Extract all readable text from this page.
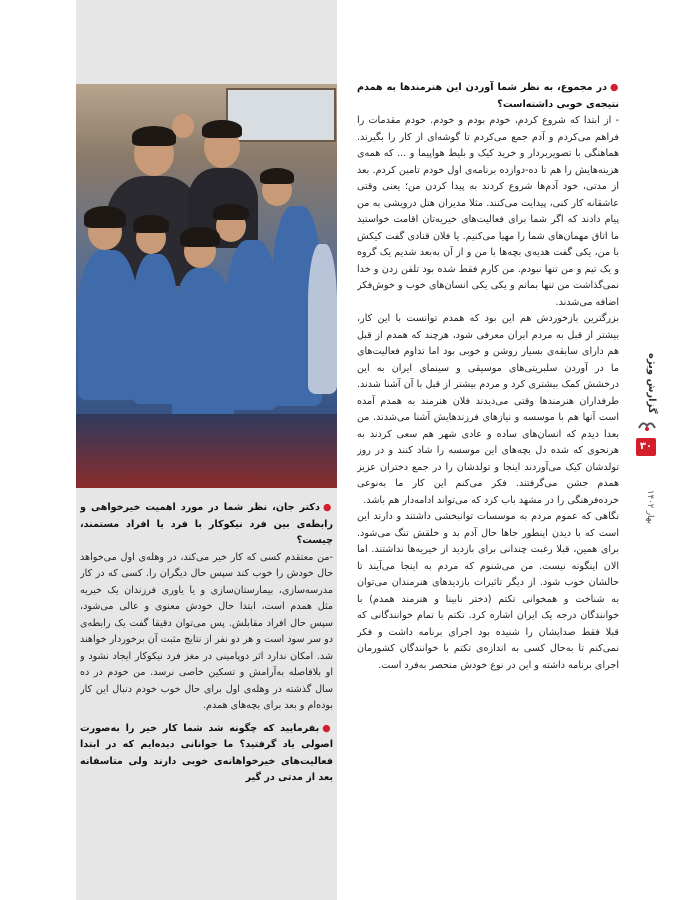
●در مجموع، به نظر شما آوردن این هنرمندها به همدم نتیجه‌ی خوبی داشته‌است؟

- از ابتدا که شروع کردم، خودم بودم و خودم. خودم مقدمات را فراهم می‌کردم و آدم جمع می‌کردم تا گوشه‌ای از کار را بگیرند. هماهنگی با تصویربردار و خرید کیک و بلیط هواپیما و ... که همه‌ی هزینه‌هایش را هم تا ده-دوازده برنامه‌ی اول خودم تامین کردم. بعد از مدتی، خود آدم‌ها شروع کردند به پیدا کردن من؛ یعنی وقتی عاشقانه کار کنی، پیدایت می‌کنند. مثلا مدیران هتل درویشی به من پیام دادند که اگر شما برای فعالیت‌های خیریه‌تان اقامت خواستید ما اتاق مهمان‌های شما را مهیا می‌کنیم. یا فلان قنادی گفت کیکش با من، یکی گفت هدیه‌ی بچه‌ها با من و از آن به‌بعد شدیم یک گروه و یک تیم و من تنها نبودم. من کارم فقط شده بود تلفن زدن و خدا نمی‌گذاشت من تنها بمانم و یکی یکی انسان‌های خوب و خوش‌فکر اضافه می‌شدند.

بزرگترین بازخوردش هم این بود که همدم توانست با این کار، بیشتر از قبل به مردم ایران معرفی شود، هرچند که همدم از قبل هم دارای سابقه‌ی بسیار روشن و خوبی بود اما تداوم فعالیت‌های ما در آوردن سلبریتی‌های موسیقی و سینمای ایران به این درخشش کمک بیشتری کرد و مردم بیشتر از قبل با آن آشنا شدند. طرفداران هنرمندها وقتی می‌دیدند فلان هنرمند به همدم آمده است آنها هم با موسسه و نیازهای فرزندهایش آشنا می‌شدند. من بعدا دیدم که انسان‌های ساده و عادی شهر هم سعی کردند به هرنحوی که شده دل بچه‌های این موسسه را شاد کنند و در روز تولدشان کیک می‌آوردند اینجا و تولدشان را در جمع دختران عزیز همدم جشن می‌گرفتند. فکر می‌کنم این کار ما به‌نوعی خرده‌فرهنگی را در مشهد باب کرد که می‌تواند ادامه‌دار هم باشد.

نگاهی که عموم مردم به موسسات توانبخشی داشتند و دارند این است که با دیدن اینطور جاها حال آدم بد و خلقش تنگ می‌شود. برای همین، قبلا رغبت چندانی برای بازدید از خیریه‌ها نداشتند. اما الان اینگونه نیست. من می‌شنوم که مردم به اینجا می‌آیند تا حالشان خوب شود. از دیگر تاثیرات بازدیدهای هنرمندان می‌توان به شناخت و همخوانی تکتم (دختر نابینا و هنرمند همدم) با خوانندگان درجه یک ایران اشاره کرد. تکتم با تمام خوانندگانی که قبلا فقط صدایشان را شنیده بود اجرای برنامه داشت و فکر نمی‌کنم تا به‌حال کسی به اندازه‌ی تکتم با خوانندگان کشورمان اجرای برنامه داشته و این در نوع خودش منحصر به‌فرد است.

●دکتر جان، نظر شما در مورد اهمیت خیرخواهی و رابطه‌ی بین فرد نیکوکار با فرد یا افراد مستمند، چیست؟

-من معتقدم کسی که کار خیر می‌کند، در وهله‌ی اول می‌خواهد حال خودش را خوب کند سپس حال دیگران را. کسی که در کار مدرسه‌سازی، بیمارستان‌سازی و یا یاوری فرزندان یک خیریه مثل همدم است، ابتدا حال خودش معنوی و عالی می‌شود، سپس حال افراد مقابلش. پس می‌توان دقیقا گفت یک رابطه‌ی دو سر سود است و هر دو نفر از نتایج مثبت آن برخوردار خواهند شد. امکان ندارد اثر دوپامینی در مغز فرد نیکوکار ایجاد نشود و او بلافاصله به‌آرامش و تسکین خاصی نرسد. من خودم در ده سال گذشته در وهله‌ی اول برای حال خوب خودم دنبال این کار بوده‌ام و بعد برای بچه‌های همدم.

●بفرمایید که چگونه شد شما کار خیر را به‌صورت اصولی یاد گرفتید؟ ما جوانانی دیده‌ایم که در ابتدا فعالیت‌های خیرخواهانه‌ی خوبی دارند ولی متاسفانه بعد از مدتی در گیر

گزارش ویژه
۳۰
بهار ۱۴۰۲
